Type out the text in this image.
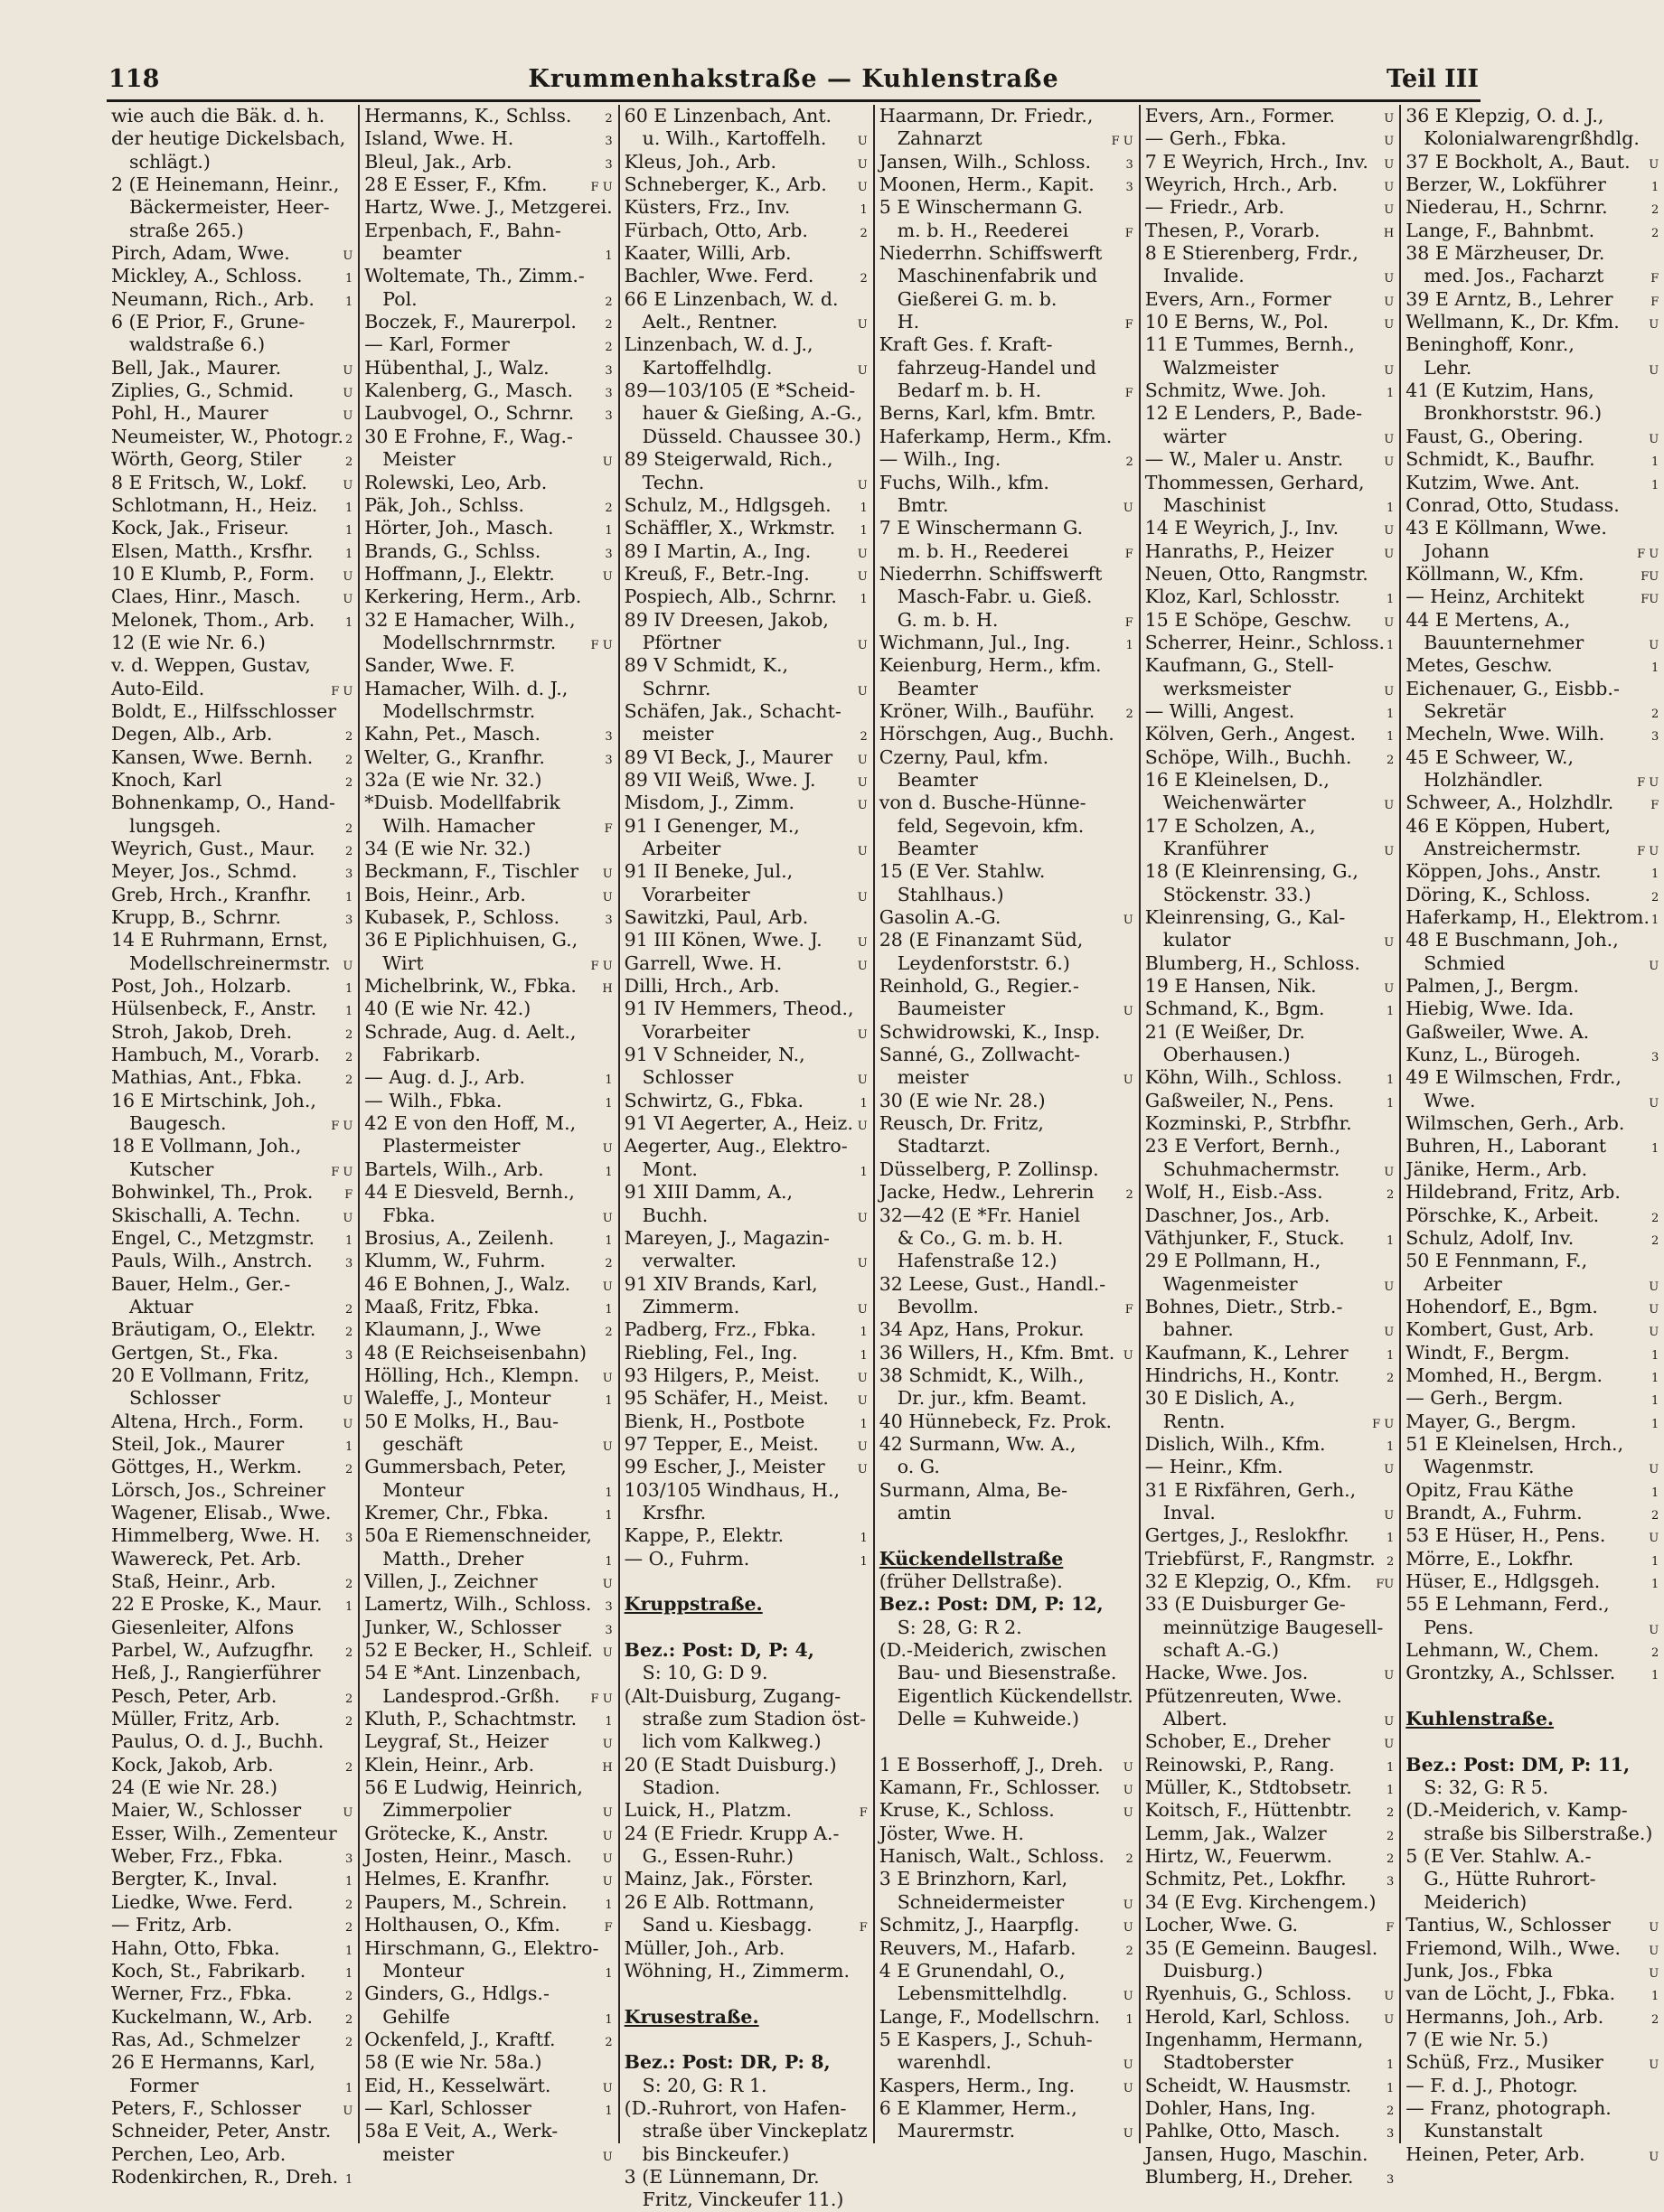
118	Krummenhakstraße — Kuhlenstraße	Teil III
wie auch die Bäk. d. h.
der heutige Dickelsbach,
schlägt.)
2 (E Heinemann, Heinr.,
Bäckermeister, Heer-
straße 265.)
Pirch, Adam, Wwe.	U
Mickley, A., Schloss.	1
Neumann, Rich., Arb.	1
6 (E Prior, F., Grune-
waldstraße 6.)
Bell, Jak., Maurer.	U
Ziplies, G., Schmid.	U
Pohl, H., Maurer	U
Neumeister, W., Photogr. 2
Wörth, Georg, Stiler	2
8 E Fritsch, W., Lokf.	U
Schlotmann, H., Heiz.	1
Kock, Jak., Friseur.	1
Elsen, Matth., Krsfhr.	1
10 E Klumb, P., Form.	U
Claes, Hinr., Masch.	U
Melonek, Thom., Arb.	1
12 (E wie Nr. 6.)
v. d. Weppen, Gustav,
Auto-Eild.	F U
Boldt, E., Hilfsschlosser
Degen, Alb., Arb.	2
Kansen, Wwe. Bernh.	2
Knoch, Karl	2
Bohnenkamp, O., Hand-
lungsgeh.	2
Weyrich, Gust., Maur.	2
Meyer, Jos., Schmd.	3
Greb, Hrch., Kranfhr.	1
Krupp, B., Schrnr.	3
14 E Ruhrmann, Ernst,
Modellschreinermstr.	U
Post, Joh., Holzarb.	1
Hülsenbeck, F., Anstr.	1
Stroh, Jakob, Dreh.	2
Hambuch, M., Vorarb.	2
Mathias, Ant., Fbka.	2
16 E Mirtschink, Joh.,
Baugesch.	F U
18 E Vollmann, Joh.,
Kutscher	F U
Bohwinkel, Th., Prok.	F
Skischalli, A. Techn.	U
Engel, C., Metzgmstr.	1
Pauls, Wilh., Anstrch.	3
Bauer, Helm., Ger.-
Aktuar	2
Bräutigam, O., Elektr.	2
Gertgen, St., Fka.	3
20 E Vollmann, Fritz,
Schlosser	U
Altena, Hrch., Form.	U
Steil, Jok., Maurer	1
Göttges, H., Werkm.	2
Lörsch, Jos., Schreiner
Wagener, Elisab., Wwe.
Himmelberg, Wwe. H.	3
Wawereck, Pet. Arb.
Staß, Heinr., Arb.	2
22 E Proske, K., Maur.	1
Giesenleiter, Alfons
Parbel, W., Aufzugfhr.	2
Heß, J., Rangierführer
Pesch, Peter, Arb.	2
Müller, Fritz, Arb.	2
Paulus, O. d. J., Buchh.
Kock, Jakob, Arb.	2
24 (E wie Nr. 28.)
Maier, W., Schlosser	U
Esser, Wilh., Zementeur
Weber, Frz., Fbka.	3
Bergter, K., Inval.	1
Liedke, Wwe. Ferd.	2
— Fritz, Arb.	2
Hahn, Otto, Fbka.	1
Koch, St., Fabrikarb.	1
Werner, Frz., Fbka.	2
Kuckelmann, W., Arb.	2
Ras, Ad., Schmelzer	2
26 E Hermanns, Karl,
Former	1
Peters, F., Schlosser	U
Schneider, Peter, Anstr.
Perchen, Leo, Arb.
Rodenkirchen, R., Dreh. 1
Hermanns, K., Schlss.	2
Island, Wwe. H.	3
Bleul, Jak., Arb.	3
28 E Esser, F., Kfm.	F U
Hartz, Wwe. J., Metzgerei.
Erpenbach, F., Bahn-
beamter	1
Woltemate, Th., Zimm.-
Pol.	2
Boczek, F., Maurerpol.	2
— Karl, Former	2
Hübenthal, J., Walz.	3
Kalenberg, G., Masch.	3
Laubvogel, O., Schrnr.	3
30 E Frohne, F., Wag.-
Meister	U
Rolewski, Leo, Arb.
Päk, Joh., Schlss.	2
Hörter, Joh., Masch.	1
Brands, G., Schlss.	3
Hoffmann, J., Elektr.	U
Kerkering, Herm., Arb.
32 E Hamacher, Wilh.,
Modellschrnrmstr.	F U
Sander, Wwe. F.
Hamacher, Wilh. d. J.,
Modellschrmstr.
Kahn, Pet., Masch.	3
Welter, G., Kranfhr.	3
32a (E wie Nr. 32.)
*Duisb. Modellfabrik
Wilh. Hamacher	F
34 (E wie Nr. 32.)
Beckmann, F., Tischler	U
Bois, Heinr., Arb.	U
Kubasek, P., Schloss.	3
36 E Piplichhuisen, G.,
Wirt	F U
Michelbrink, W., Fbka.	H
40 (E wie Nr. 42.)
Schrade, Aug. d. Aelt.,
Fabrikarb.
— Aug. d. J., Arb.	1
— Wilh., Fbka.	1
42 E von den Hoff, M.,
Plastermeister	U
Bartels, Wilh., Arb.	1
44 E Diesveld, Bernh.,
Fbka.	U
Brosius, A., Zeilenh.	1
Klumm, W., Fuhrm.	2
46 E Bohnen, J., Walz.	U
Maaß, Fritz, Fbka.	1
Klaumann, J., Wwe	2
48 (E Reichseisenbahn)
Hölling, Hch., Klempn.	U
Waleffe, J., Monteur	1
50 E Molks, H., Bau-
geschäft	U
Gummersbach, Peter,
Monteur	1
Kremer, Chr., Fbka.	1
50a E Riemenschneider,
Matth., Dreher	1
Villen, J., Zeichner	U
Lamertz, Wilh., Schloss.	3
Junker, W., Schlosser	3
52 E Becker, H., Schleif. U
54 E *Ant. Linzenbach,
Landesprod.-Grßh.	F U
Kluth, P., Schachtmstr.	1
Leygraf, St., Heizer	U
Klein, Heinr., Arb.	H
56 E Ludwig, Heinrich,
Zimmerpolier	U
Grötecke, K., Anstr.	U
Josten, Heinr., Masch.	U
Helmes, E. Kranfhr.	U
Paupers, M., Schrein.	1
Holthausen, O., Kfm.	F
Hirschmann, G., Elektro-
Monteur	1
Ginders, G., Hdlgs.-
Gehilfe	1
Ockenfeld, J., Kraftf.	2
58 (E wie Nr. 58a.)
Eid, H., Kesselwärt.	U
— Karl, Schlosser	1
58a E Veit, A., Werk-
meister	U
60 E Linzenbach, Ant.
u. Wilh., Kartoffelh.	U
Kleus, Joh., Arb.	U
Schneberger, K., Arb.	U
Küsters, Frz., Inv.	1
Fürbach, Otto, Arb.	2
Kaater, Willi, Arb.
Bachler, Wwe. Ferd.	2
66 E Linzenbach, W. d.
Aelt., Rentner.	U
Linzenbach, W. d. J.,
Kartoffelhdlg.	U
89—103/105 (E *Scheid-
hauer & Gießing, A.-G.,
Düsseld. Chaussee 30.)
89 Steigerwald, Rich.,
Techn.	U
Schulz, M., Hdlgsgeh.	1
Schäffler, X., Wrkmstr.	1
89 I Martin, A., Ing.	U
Kreuß, F., Betr.-Ing.	U
Pospiech, Alb., Schrnr.	1
89 IV Dreesen, Jakob,
Pförtner	U
89 V Schmidt, K.,
Schrnr.	U
Schäfen, Jak., Schacht-
meister	2
89 VI Beck, J., Maurer	U
89 VII Weiß, Wwe. J.	U
Misdom, J., Zimm.	U
91 I Genenger, M.,
Arbeiter	U
91 II Beneke, Jul.,
Vorarbeiter	U
Sawitzki, Paul, Arb.
91 III Könen, Wwe. J.	U
Garrell, Wwe. H.	U
Dilli, Hrch., Arb.
91 IV Hemmers, Theod.,
Vorarbeiter	U
91 V Schneider, N.,
Schlosser	U
Schwirtz, G., Fbka.	1
91 VI Aegerter, A., Heiz. U
Aegerter, Aug., Elektro-
Mont.	1
91 XIII Damm, A.,
Buchh.	U
Mareyen, J., Magazin-
verwalter.	U
91 XIV Brands, Karl,
Zimmerm.	U
Padberg, Frz., Fbka.	1
Riebling, Fel., Ing.	1
93 Hilgers, P., Meist.	U
95 Schäfer, H., Meist.	U
Bienk, H., Postbote	1
97 Tepper, E., Meist.	U
99 Escher, J., Meister	U
103/105 Windhaus, H.,
Krsfhr.
Kappe, P., Elektr.	1
— O., Fuhrm.	1
Kruppstraße.
Bez.: Post: D, P: 4,
S: 10, G: D 9.
(Alt-Duisburg, Zugang-
straße zum Stadion öst-
lich vom Kalkweg.)
20 (E Stadt Duisburg.)
Stadion.
Luick, H., Platzm.	F
24 (E Friedr. Krupp A.-
G., Essen-Ruhr.)
Mainz, Jak., Förster.
26 E Alb. Rottmann,
Sand u. Kiesbagg.	F
Müller, Joh., Arb.
Wöhning, H., Zimmerm.
Krusestraße.
Bez.: Post: DR, P: 8,
S: 20, G: R 1.
(D.-Ruhrort, von Hafen-
straße über Vinckeplatz
bis Binckeufer.)
3 (E Lünnemann, Dr.
Fritz, Vinckeufer 11.)
Haarmann, Dr. Friedr.,
Zahnarzt	F U
Jansen, Wilh., Schloss.	3
Moonen, Herm., Kapit.	3
5 E Winschermann G.
m. b. H., Reederei	F
Niederrhn. Schiffswerft
Maschinenfabrik und
Gießerei G. m. b.
H.	F
Kraft Ges. f. Kraft-
fahrzeug-Handel und
Bedarf m. b. H.	F
Berns, Karl, kfm. Bmtr.
Haferkamp, Herm., Kfm.
— Wilh., Ing.	2
Fuchs, Wilh., kfm.
Bmtr.	U
7 E Winschermann G.
m. b. H., Reederei	F
Niederrhn. Schiffswerft
Masch-Fabr. u. Gieß.
G. m. b. H.	F
Wichmann, Jul., Ing.	1
Keienburg, Herm., kfm.
Beamter
Kröner, Wilh., Bauführ.	2
Hörschgen, Aug., Buchh.
Czerny, Paul, kfm.
Beamter
von d. Busche-Hünne-
feld, Segevoin, kfm.
Beamter
15 (E Ver. Stahlw.
Stahlhaus.)
Gasolin A.-G.	U
28 (E Finanzamt Süd,
Leydenforststr. 6.)
Reinhold, G., Regier.-
Baumeister	U
Schwidrowski, K., Insp.
Sanné, G., Zollwacht-
meister	U
30 (E wie Nr. 28.)
Reusch, Dr. Fritz,
Stadtarzt.
Düsselberg, P. Zollinsp.
Jacke, Hedw., Lehrerin	2
32—42 (E *Fr. Haniel
& Co., G. m. b. H.
Hafenstraße 12.)
32 Leese, Gust., Handl.-
Bevollm.	F
34 Apz, Hans, Prokur.
36 Willers, H., Kfm. Bmt. U
38 Schmidt, K., Wilh.,
Dr. jur., kfm. Beamt.
40 Hünnebeck, Fz. Prok.
42 Surmann, Ww. A.,
o. G.
Surmann, Alma, Be-
amtin
Kückendellstraße
(früher Dellstraße).
Bez.: Post: DM, P: 12,
S: 28, G: R 2.
(D.-Meiderich, zwischen
Bau- und Biesenstraße.
Eigentlich Kückendellstr.
Delle = Kuhweide.)
1 E Bosserhoff, J., Dreh.	U
Kamann, Fr., Schlosser.	U
Kruse, K., Schloss.	U
Jöster, Wwe. H.
Hanisch, Walt., Schloss.	2
3 E Brinzhorn, Karl,
Schneidermeister	U
Schmitz, J., Haarpflg.	U
Reuvers, M., Hafarb.	2
4 E Grunendahl, O.,
Lebensmittelhdlg.	U
Lange, F., Modellschrn.	1
5 E Kaspers, J., Schuh-
warenhdl.	U
Kaspers, Herm., Ing.	U
6 E Klammer, Herm.,
Maurermstr.	U
Evers, Arn., Former.	U
— Gerh., Fbka.	U
7 E Weyrich, Hrch., Inv.	U
Weyrich, Hrch., Arb.	U
— Friedr., Arb.	U
Thesen, P., Vorarb.	H
8 E Stierenberg, Frdr.,
Invalide.	U
Evers, Arn., Former	U
10 E Berns, W., Pol.	U
11 E Tummes, Bernh.,
Walzmeister	U
Schmitz, Wwe. Joh.	1
12 E Lenders, P., Bade-
wärter	U
— W., Maler u. Anstr.	U
Thommessen, Gerhard,
Maschinist	1
14 E Weyrich, J., Inv.	U
Hanraths, P., Heizer	U
Neuen, Otto, Rangmstr.
Kloz, Karl, Schlosstr.	1
15 E Schöpe, Geschw.	U
Scherrer, Heinr., Schloss. 1
Kaufmann, G., Stell-
werksmeister	U
— Willi, Angest.	1
Kölven, Gerh., Angest.	1
Schöpe, Wilh., Buchh.	2
16 E Kleinelsen, D.,
Weichenwärter	U
17 E Scholzen, A.,
Kranführer	U
18 (E Kleinrensing, G.,
Stöckenstr. 33.)
Kleinrensing, G., Kal-
kulator	U
Blumberg, H., Schloss.
19 E Hansen, Nik.	U
Schmand, K., Bgm.	1
21 (E Weißer, Dr.
Oberhausen.)
Köhn, Wilh., Schloss.	1
Gaßweiler, N., Pens.	1
Kozminski, P., Strbfhr.
23 E Verfort, Bernh.,
Schuhmachermstr.	U
Wolf, H., Eisb.-Ass.	2
Daschner, Jos., Arb.
Väthjunker, F., Stuck.	1
29 E Pollmann, H.,
Wagenmeister	U
Bohnes, Dietr., Strb.-
bahner.	U
Kaufmann, K., Lehrer	1
Hindrichs, H., Kontr.	2
30 E Dislich, A.,
Rentn.	F U
Dislich, Wilh., Kfm.	1
— Heinr., Kfm.	U
31 E Rixfähren, Gerh.,
Inval.	U
Gertges, J., Reslokfhr.	1
Triebfürst, F., Rangmstr. 2
32 E Klepzig, O., Kfm.	FU
33 (E Duisburger Ge-
meinnützige Baugesell-
schaft A.-G.)
Hacke, Wwe. Jos.	U
Pfützenreuten, Wwe.
Albert.	U
Schober, E., Dreher	U
Reinowski, P., Rang.	1
Müller, K., Stdtobsetr.	1
Koitsch, F., Hüttenbtr.	2
Lemm, Jak., Walzer	2
Hirtz, W., Feuerwm.	2
Schmitz, Pet., Lokfhr.	3
34 (E Evg. Kirchengem.)
Locher, Wwe. G.	F
35 (E Gemeinn. Baugesl.
Duisburg.)
Ryenhuis, G., Schloss.	U
Herold, Karl, Schloss.	U
Ingenhamm, Hermann,
Stadtoberster	1
Scheidt, W. Hausmstr.	1
Dohler, Hans, Ing.	2
Pahlke, Otto, Masch.	3
Jansen, Hugo, Maschin.
Blumberg, H., Dreher.	3
36 E Klepzig, O. d. J.,
Kolonialwarengrßhdlg.
37 E Bockholt, A., Baut.	U
Berzer, W., Lokführer	1
Niederau, H., Schrnr.	2
Lange, F., Bahnbmt.	2
38 E Märzheuser, Dr.
med. Jos., Facharzt	F
39 E Arntz, B., Lehrer	F
Wellmann, K., Dr. Kfm.	U
Beninghoff, Konr.,
Lehr.	U
41 (E Kutzim, Hans,
Bronkhorststr. 96.)
Faust, G., Obering.	U
Schmidt, K., Baufhr.	1
Kutzim, Wwe. Ant.	1
Conrad, Otto, Studass.
43 E Köllmann, Wwe.
Johann	F U
Köllmann, W., Kfm.	FU
— Heinz, Architekt	FU
44 E Mertens, A.,
Bauunternehmer	U
Metes, Geschw.	1
Eichenauer, G., Eisbb.-
Sekretär	2
Mecheln, Wwe. Wilh.	3
45 E Schweer, W.,
Holzhändler.	F U
Schweer, A., Holzhdlr.	F
46 E Köppen, Hubert,
Anstreichermstr.	F U
Köppen, Johs., Anstr.	1
Döring, K., Schloss.	2
Haferkamp, H., Elektrom. 1
48 E Buschmann, Joh.,
Schmied	U
Palmen, J., Bergm.
Hiebig, Wwe. Ida.
Gaßweiler, Wwe. A.
Kunz, L., Bürogeh.	3
49 E Wilmschen, Frdr.,
Wwe.	U
Wilmschen, Gerh., Arb.
Buhren, H., Laborant	1
Jänike, Herm., Arb.
Hildebrand, Fritz, Arb.
Pörschke, K., Arbeit.	2
Schulz, Adolf, Inv.	2
50 E Fennmann, F.,
Arbeiter	U
Hohendorf, E., Bgm.	U
Kombert, Gust, Arb.	U
Windt, F., Bergm.	1
Momhed, H., Bergm.	1
— Gerh., Bergm.	1
Mayer, G., Bergm.	1
51 E Kleinelsen, Hrch.,
Wagenmstr.	U
Opitz, Frau Käthe	1
Brandt, A., Fuhrm.	2
53 E Hüser, H., Pens.	U
Mörre, E., Lokfhr.	1
Hüser, E., Hdlgsgeh.	1
55 E Lehmann, Ferd.,
Pens.	U
Lehmann, W., Chem.	2
Grontzky, A., Schlsser.	1
Kuhlenstraße.
Bez.: Post: DM, P: 11,
S: 32, G: R 5.
(D.-Meiderich, v. Kamp-
straße bis Silberstraße.)
5 (E Ver. Stahlw. A.-
G., Hütte Ruhrort-
Meiderich)
Tantius, W., Schlosser	U
Friemond, Wilh., Wwe.	U
Junk, Jos., Fbka	U
van de Löcht, J., Fbka.	1
Hermanns, Joh., Arb.	2
7 (E wie Nr. 5.)
Schüß, Frz., Musiker	U
— F. d. J., Photogr.
— Franz, photograph.
Kunstanstalt
Heinen, Peter, Arb.	U
